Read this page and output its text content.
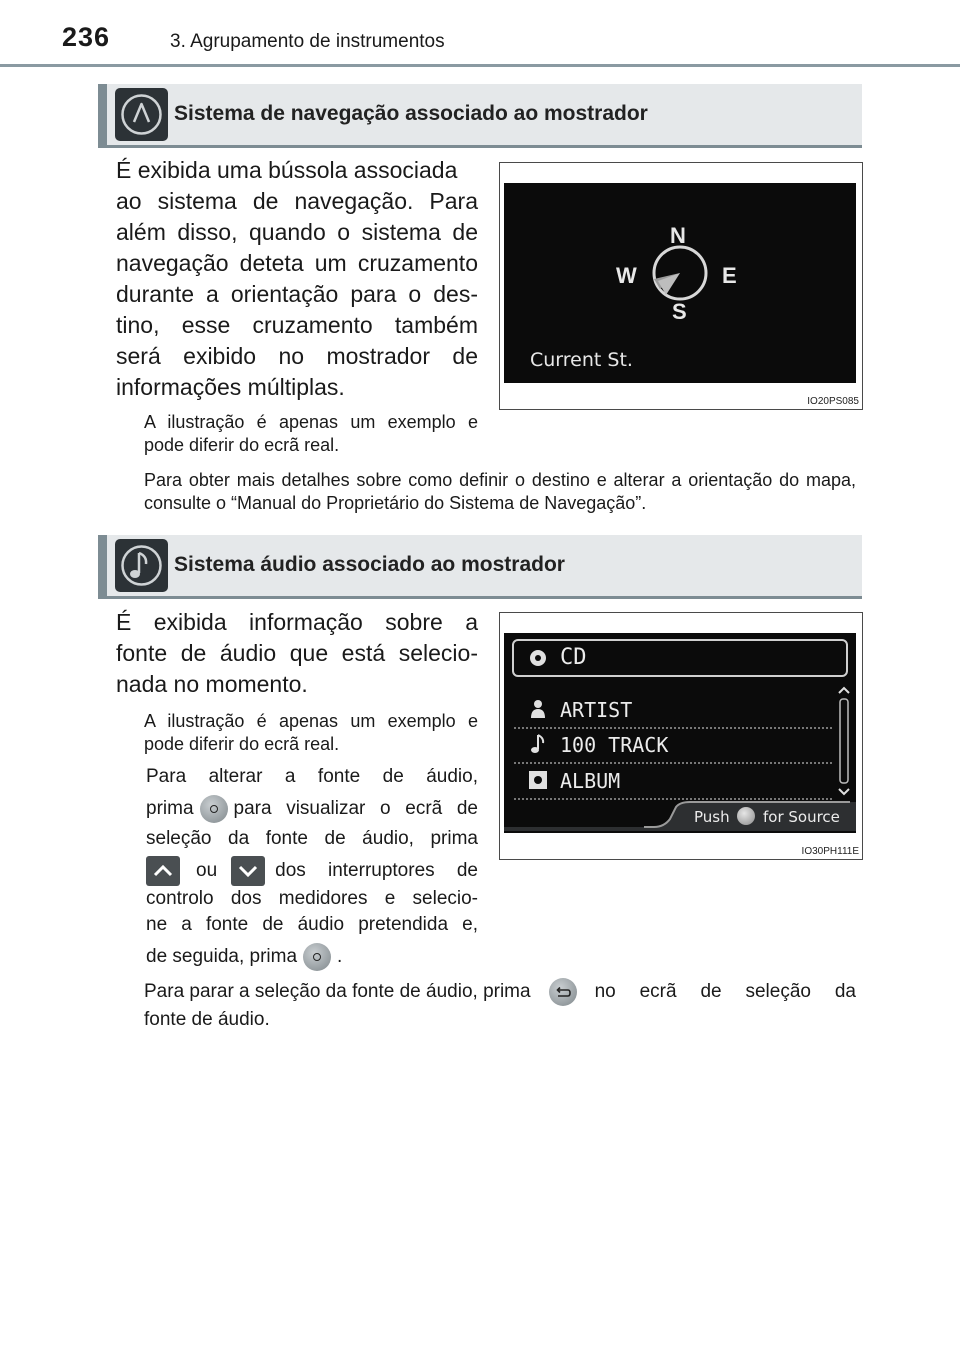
236	3. Agrupamento de instrumentos
Sistema de navegação associado ao mostrador
É exibida uma bússola associada
ao sistema de navegação. Para
além disso, quando o sistema de
navegação deteta um cruzamento
durante a orientação para o des-
tino, esse cruzamento também
será exibido no mostrador de
informações múltiplas.
A ilustração é apenas um exemplo e pode diferir do ecrã real.
Para obter mais detalhes sobre como definir o destino e alterar a orientação do mapa, consulte o “Manual do Proprietário do Sistema de Navegação”.
N
S
E
W
Current St.
IO20PS085
Sistema áudio associado ao mostrador
É exibida informação sobre a
fonte de áudio que está selecio-
nada no momento.
A ilustração é apenas um exemplo e pode diferir do ecrã real.
Para alterar a fonte de áudio,
prima para visualizar o ecrã de
seleção da fonte de áudio, prima
ou	dos interruptores de
controlo dos medidores e selecio-
ne a fonte de áudio pretendida e,
de seguida, prima .
Para parar a seleção da fonte de áudio, prima	no ecrã de seleção da
fonte de áudio.
CD
ARTIST
100 TRACK
ALBUM
Push for Source
IO30PH111E
